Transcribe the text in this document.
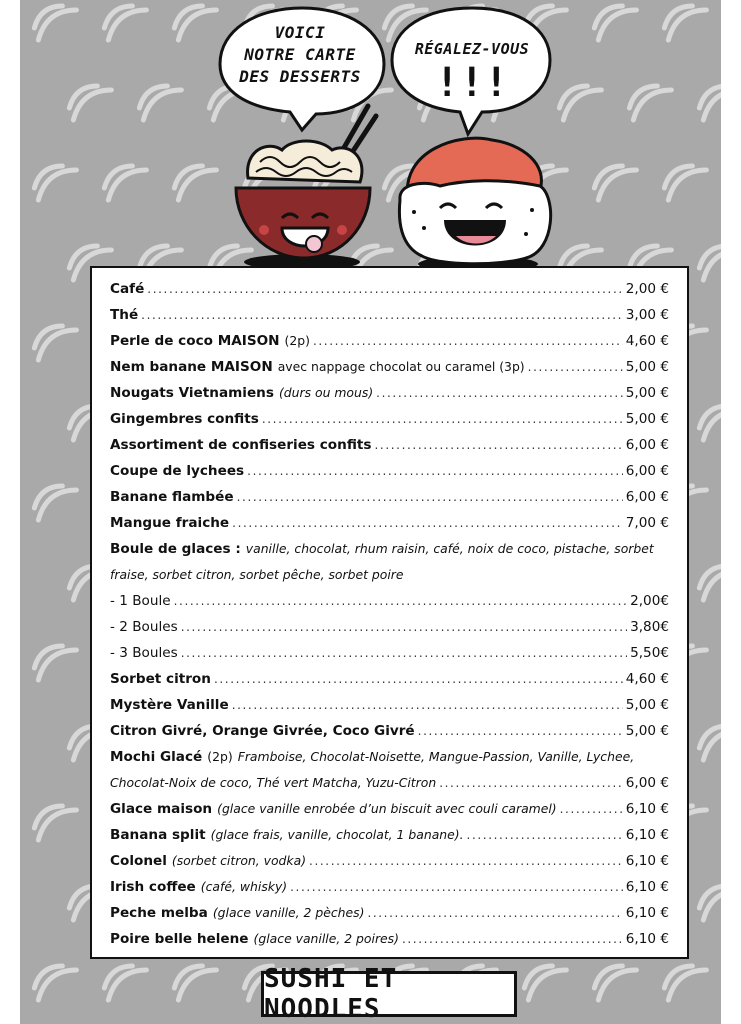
VOICI
NOTRE CARTE
DES DESSERTS
RÉGALEZ-VOUS
!!!
Café .....	2,00 €
Thé .....	3,00 €
Perle de coco MAISON (2p) .....	4,60 €
Nem banane MAISON avec nappage chocolat ou caramel (3p) .....	5,00 €
Nougats Vietnamiens (durs ou mous) .....	5,00 €
Gingembres confits .....	5,00 €
Assortiment de confiseries confits .....	6,00 €
Coupe de lychees .....	6,00 €
Banane flambée .....	6,00 €
Mangue fraiche .....	7,00 €
Boule de glaces : vanille, chocolat, rhum raisin, café, noix de coco, pistache, sorbet
fraise, sorbet citron, sorbet pêche, sorbet poire
- 1 Boule .....	2,00€
- 2 Boules .....	3,80€
- 3 Boules .....	5,50€
Sorbet citron .....	4,60 €
Mystère Vanille .....	5,00 €
Citron Givré, Orange Givrée, Coco Givré .....	5,00 €
Mochi Glacé (2p) Framboise, Chocolat-Noisette, Mangue-Passion, Vanille, Lychee,
Chocolat-Noix de coco, Thé vert Matcha, Yuzu-Citron .....	6,00 €
Glace maison (glace vanille enrobée d’un biscuit avec couli caramel) .....	6,10 €
Banana split (glace frais, vanille, chocolat, 1 banane). .....	6,10 €
Colonel (sorbet citron, vodka) .....	6,10 €
Irish coffee (café, whisky) .....	6,10 €
Peche melba (glace vanille, 2 pèches) .....	6,10 €
Poire belle helene (glace vanille, 2 poires) .....	6,10 €
SUSHI ET NOODLES
